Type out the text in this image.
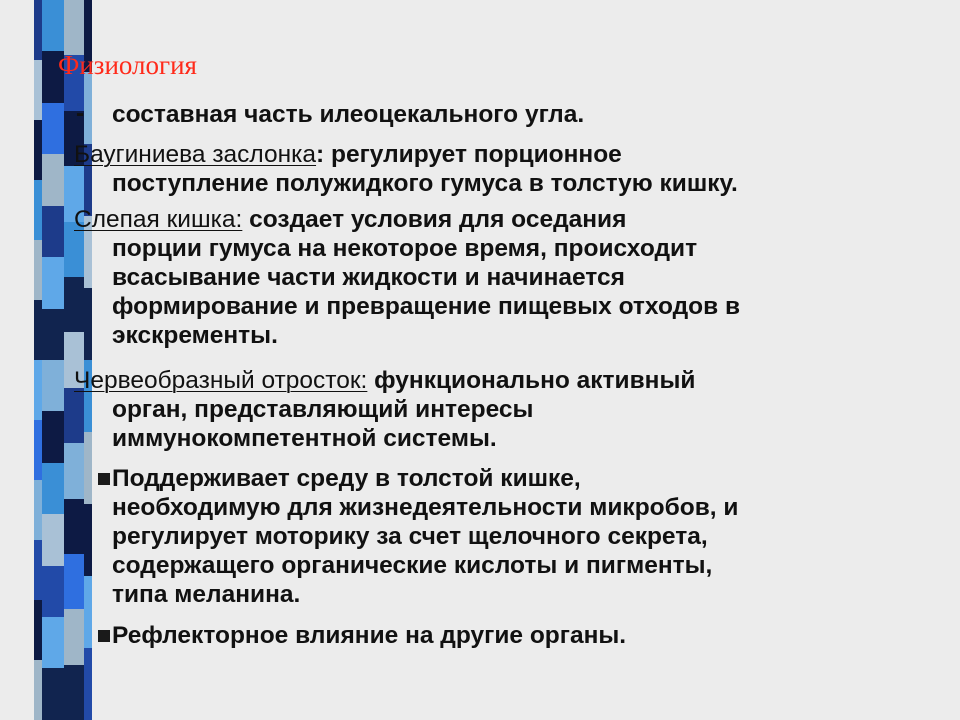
Физиология
-	составная часть илеоцекального угла.
Баугиниева заслонка: регулирует порционное
поступление полужидкого гумуса в толстую кишку.
Слепая кишка: создает условия для оседания
порции гумуса на некоторое время, происходит
всасывание части жидкости и начинается
формирование и превращение пищевых отходов в
экскременты.
Червеобразный отросток: функционально активный
орган, представляющий интересы
иммунокомпетентной системы.
Поддерживает среду в толстой кишке,
необходимую для жизнедеятельности микробов, и
регулирует моторику за счет щелочного секрета,
содержащего органические кислоты и пигменты,
типа меланина.
Рефлекторное влияние на другие органы.
